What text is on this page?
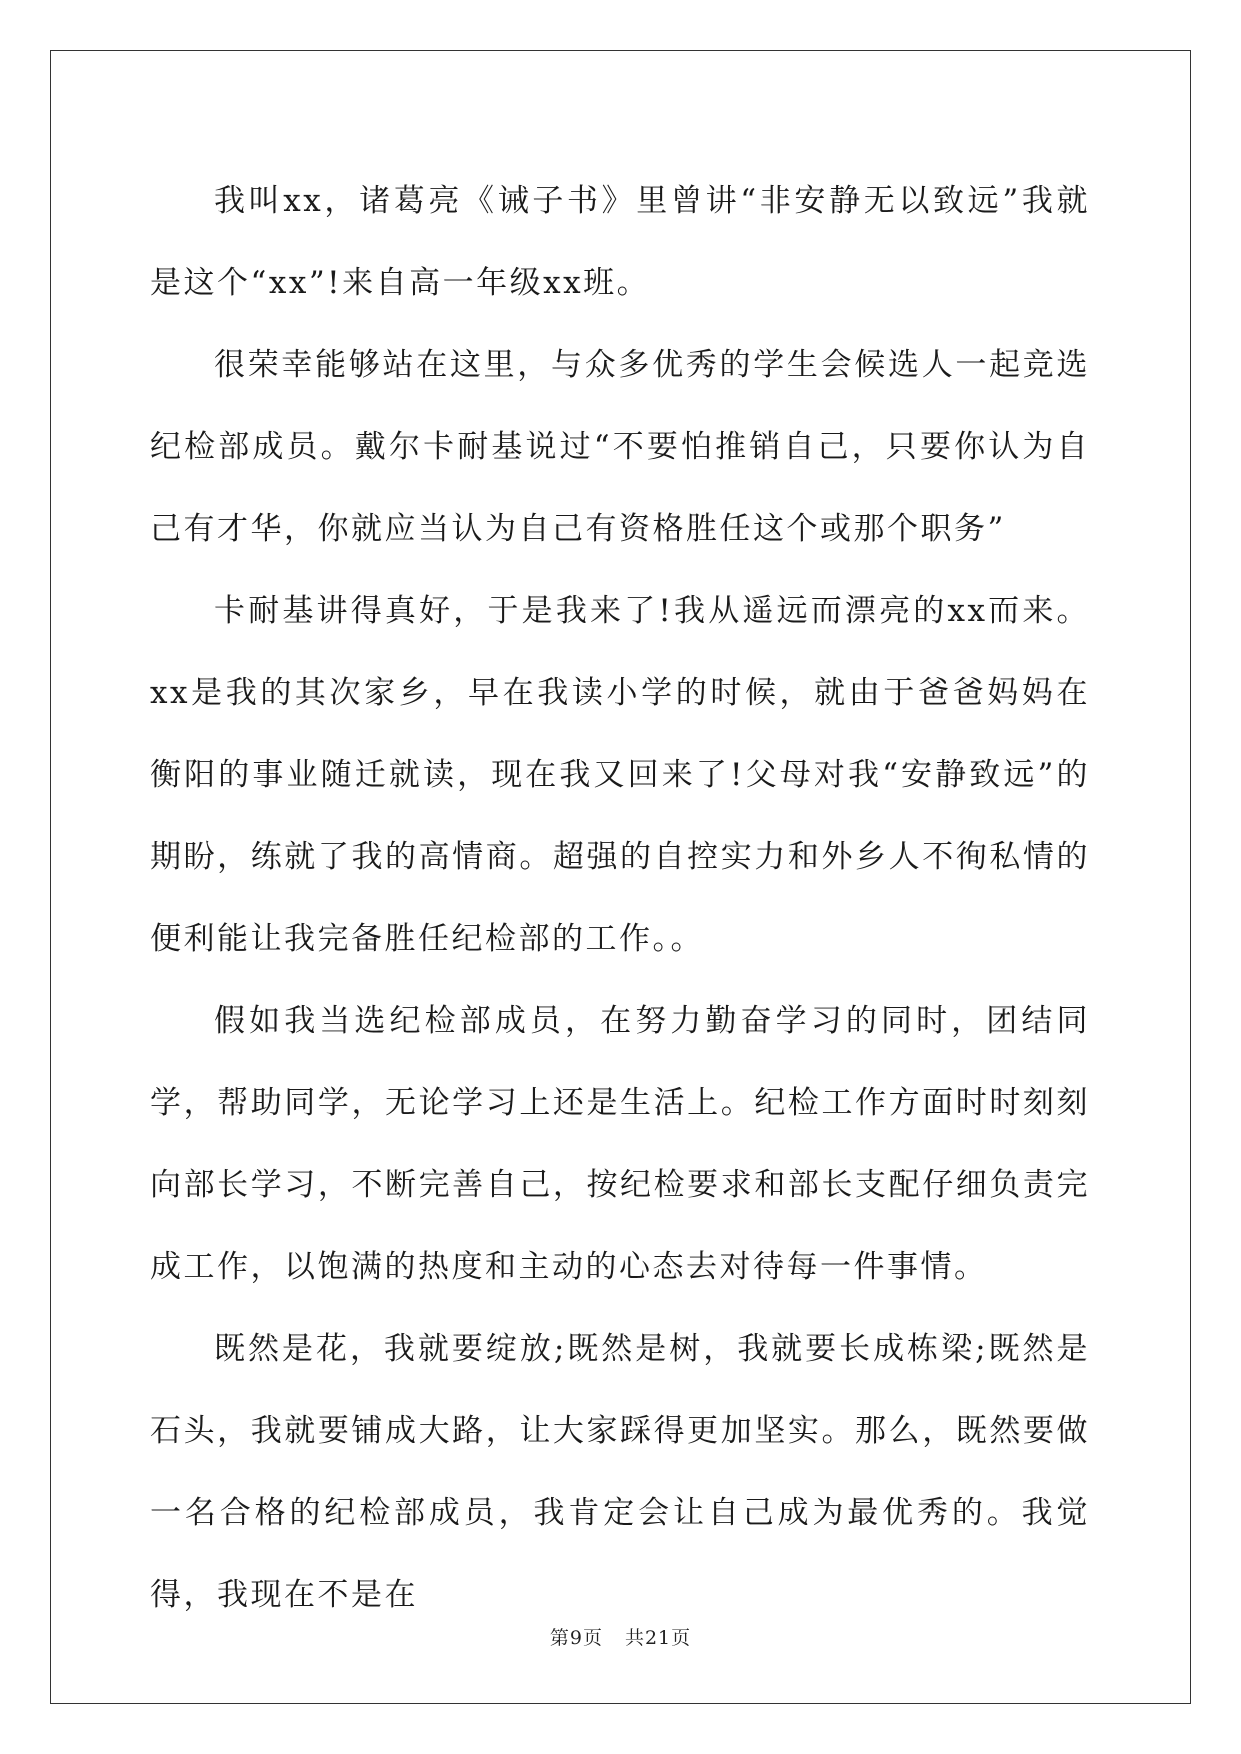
我叫xx，诸葛亮《诫子书》里曾讲“非安静无以致远”我就是这个“xx”!来自高一年级xx班。

很荣幸能够站在这里，与众多优秀的学生会候选人一起竞选纪检部成员。戴尔卡耐基说过“不要怕推销自己，只要你认为自己有才华，你就应当认为自己有资格胜任这个或那个职务”

卡耐基讲得真好，于是我来了!我从遥远而漂亮的xx而来。xx是我的其次家乡，早在我读小学的时候，就由于爸爸妈妈在衡阳的事业随迁就读，现在我又回来了!父母对我“安静致远”的期盼，练就了我的高情商。超强的自控实力和外乡人不徇私情的便利能让我完备胜任纪检部的工作。。

假如我当选纪检部成员，在努力勤奋学习的同时，团结同学，帮助同学，无论学习上还是生活上。纪检工作方面时时刻刻向部长学习，不断完善自己，按纪检要求和部长支配仔细负责完成工作，以饱满的热度和主动的心态去对待每一件事情。

既然是花，我就要绽放;既然是树，我就要长成栋梁;既然是石头，我就要铺成大路，让大家踩得更加坚实。那么，既然要做一名合格的纪检部成员，我肯定会让自己成为最优秀的。我觉得，我现在不是在

第9页 共21页
